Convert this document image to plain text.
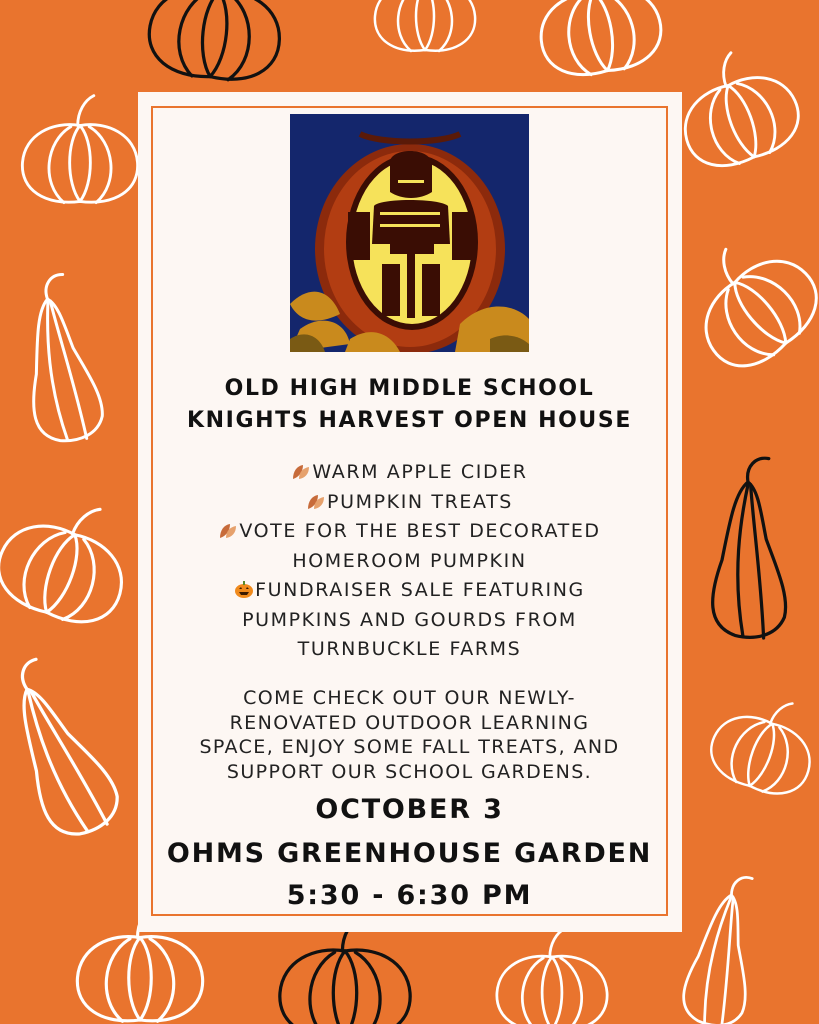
OLD HIGH MIDDLE SCHOOL
KNIGHTS HARVEST OPEN HOUSE
WARM APPLE CIDER
PUMPKIN TREATS
VOTE FOR THE BEST DECORATED
HOMEROOM PUMPKIN
FUNDRAISER SALE FEATURING
PUMPKINS AND GOURDS FROM
TURNBUCKLE FARMS
COME CHECK OUT OUR NEWLY-
RENOVATED OUTDOOR LEARNING
SPACE, ENJOY SOME FALL TREATS, AND
SUPPORT OUR SCHOOL GARDENS.
OCTOBER 3
OHMS GREENHOUSE GARDEN
5:30 - 6:30 PM
